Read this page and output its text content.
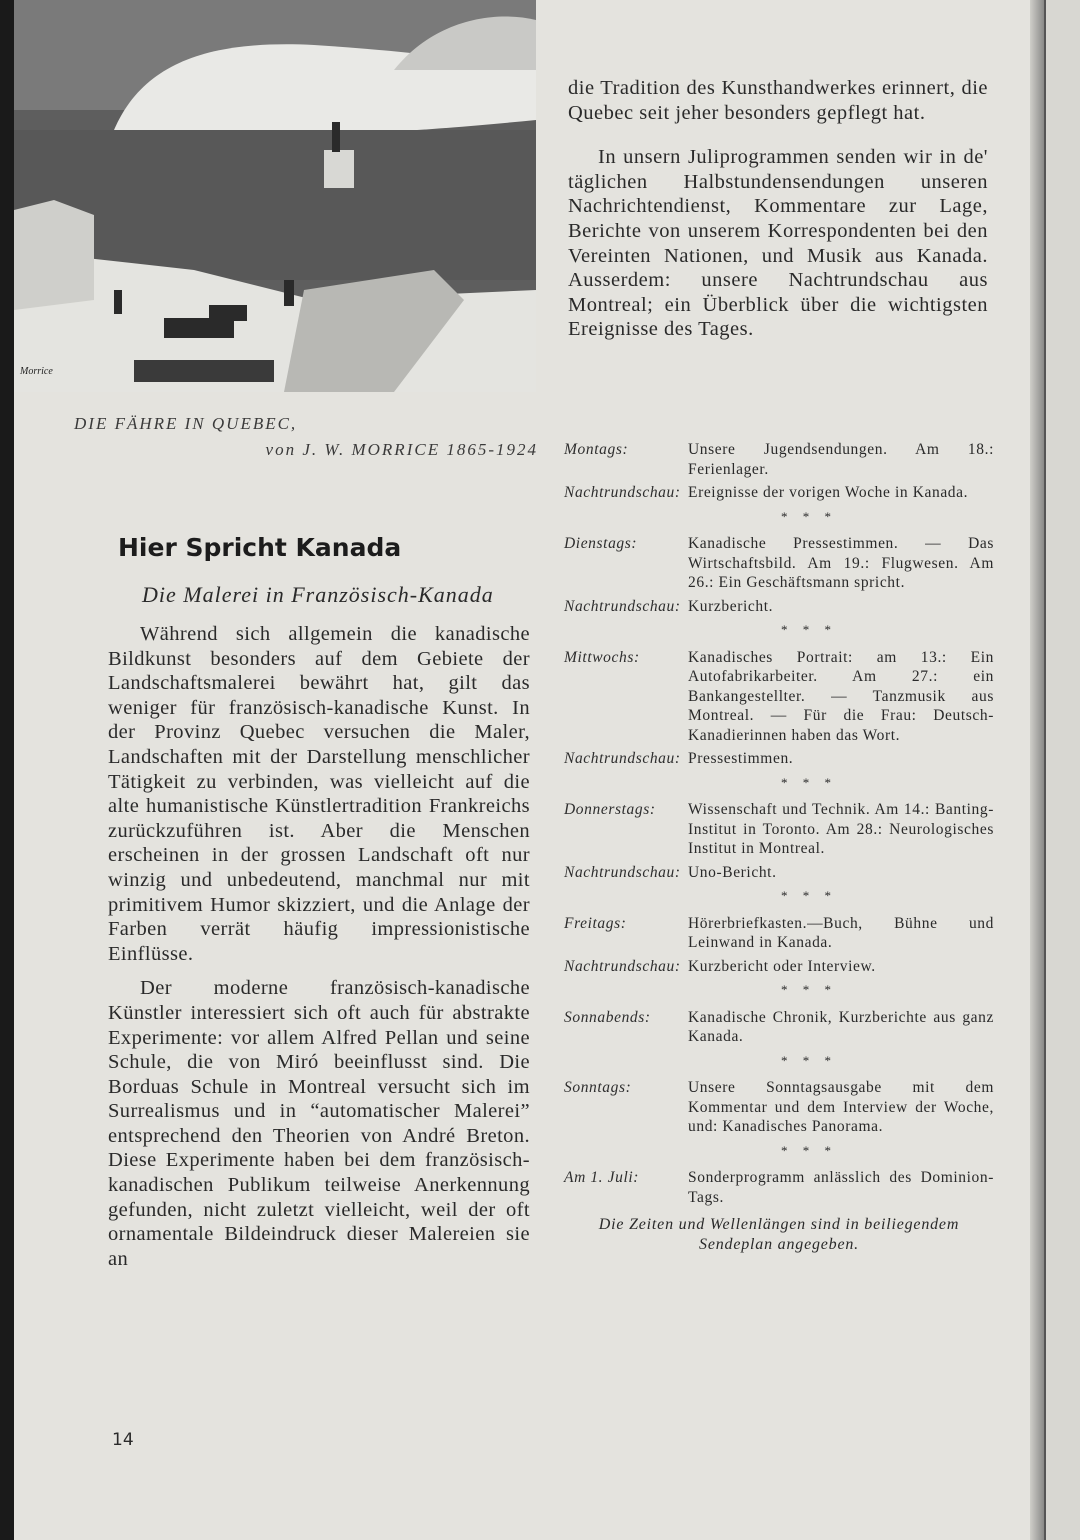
Morrice
DIE FÄHRE IN QUEBEC,
von J. W. MORRICE 1865-1924
Hier Spricht Kanada
Die Malerei in Französisch-Kanada

Während sich allgemein die kanadische Bildkunst besonders auf dem Gebiete der Landschaftsmalerei bewährt hat, gilt das weniger für französisch-kanadische Kunst. In der Provinz Quebec versuchen die Maler, Landschaften mit der Darstellung menschlicher Tätigkeit zu verbinden, was vielleicht auf die alte humanistische Künstlertradition Frankreichs zurückzuführen ist. Aber die Menschen erscheinen in der grossen Landschaft oft nur winzig und unbedeutend, manchmal nur mit primitivem Humor skizziert, und die Anlage der Farben verrät häufig impressionistische Einflüsse.

Der moderne französisch-kanadische Künstler interessiert sich oft auch für abstrakte Experimente: vor allem Alfred Pellan und seine Schule, die von Miró beeinflusst sind. Die Borduas Schule in Montreal versucht sich im Surrealismus und in “automatischer Malerei” entsprechend den Theorien von André Breton. Diese Experimente haben bei dem französisch-kanadischen Publikum teilweise Anerkennung gefunden, nicht zuletzt vielleicht, weil der oft ornamentale Bildeindruck dieser Malereien sie an

14

die Tradition des Kunsthandwerkes erinnert, die Quebec seit jeher besonders gepflegt hat.

In unsern Juliprogrammen senden wir in de' täglichen Halbstundensendungen unseren Nachrichtendienst, Kommentare zur Lage, Berichte von unserem Korrespondenten bei den Vereinten Nationen, und Musik aus Kanada. Ausserdem: unsere Nachtrundschau aus Montreal; ein Überblick über die wichtigsten Ereignisse des Tages.

Montags:	Unsere Jugendsendungen. Am 18.: Ferienlager.
Nachtrundschau: Ereignisse der vorigen Woche in Kanada.
* * *
Dienstags:	Kanadische Pressestimmen. — Das Wirtschaftsbild. Am 19.: Flugwesen. Am 26.: Ein Geschäftsmann spricht.
Nachtrundschau: Kurzbericht.
* * *
Mittwochs:	Kanadisches Portrait: am 13.: Ein Autofabrikarbeiter. Am 27.: ein Bankangestellter. — Tanzmusik aus Montreal. — Für die Frau: Deutsch-Kanadierinnen haben das Wort.
Nachtrundschau: Pressestimmen.
* * *
Donnerstags:	Wissenschaft und Technik. Am 14.: Banting-Institut in Toronto. Am 28.: Neurologisches Institut in Montreal.
Nachtrundschau: Uno-Bericht.
* * *
Freitags:	Hörerbriefkasten.—Buch, Bühne und Leinwand in Kanada.
Nachtrundschau: Kurzbericht oder Interview.
* * *
Sonnabends:	Kanadische Chronik, Kurzberichte aus ganz Kanada.
* * *
Sonntags:	Unsere Sonntagsausgabe mit dem Kommentar und dem Interview der Woche, und: Kanadisches Panorama.
* * *
Am 1. Juli:	Sonderprogramm anlässlich des Dominion-Tags.
Die Zeiten und Wellenlängen sind in beiliegendem Sendeplan angegeben.
